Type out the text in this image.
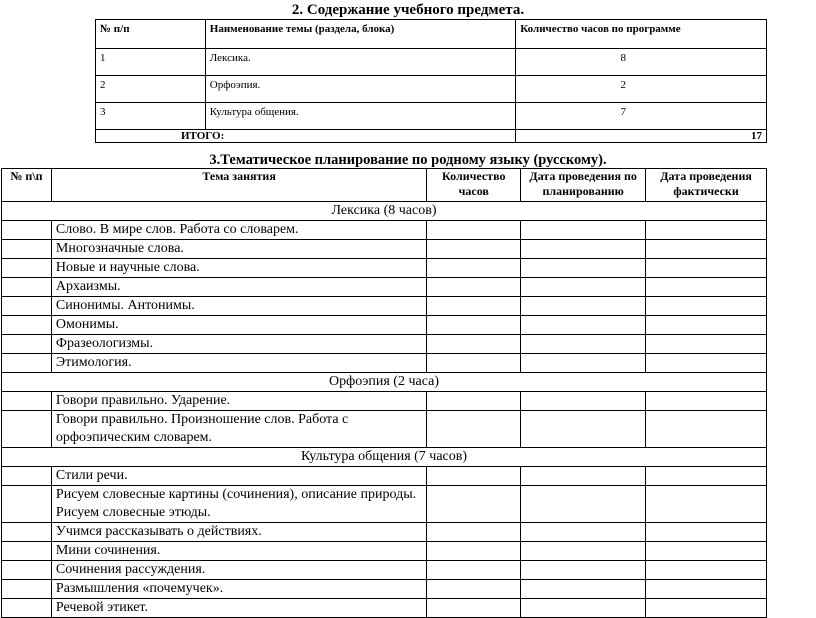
2. Содержание учебного предмета.
№ п/п	Наименование темы (раздела, блока)	Количество часов по программе
1	Лексика.	8
2	Орфоэпия.	2
3	Культура общения.	7
ИТОГО:		17
3.Тематическое планирование по родному языку (русскому).
№ п\п	Тема занятия	Количество часов	Дата проведения по планированию	Дата проведения фактически
Лексика (8 часов)				
	Слово. В мире слов. Работа со словарем.			
	Многозначные слова.			
	Новые и научные слова.			
	Архаизмы.			
	Синонимы. Антонимы.			
	Омонимы.			
	Фразеологизмы.			
	Этимология.			
Орфоэпия (2 часа)				
	Говори правильно. Ударение.			
	Говори правильно. Произношение слов. Работа с орфоэпическим словарем.			
Культура общения (7 часов)				
	Стили речи.			
	Рисуем словесные картины (сочинения), описание природы. Рисуем словесные этюды.			
	Учимся рассказывать о действиях.			
	Мини сочинения.			
	Сочинения рассуждения.			
	Размышления «почемучек».			
	Речевой этикет.			
